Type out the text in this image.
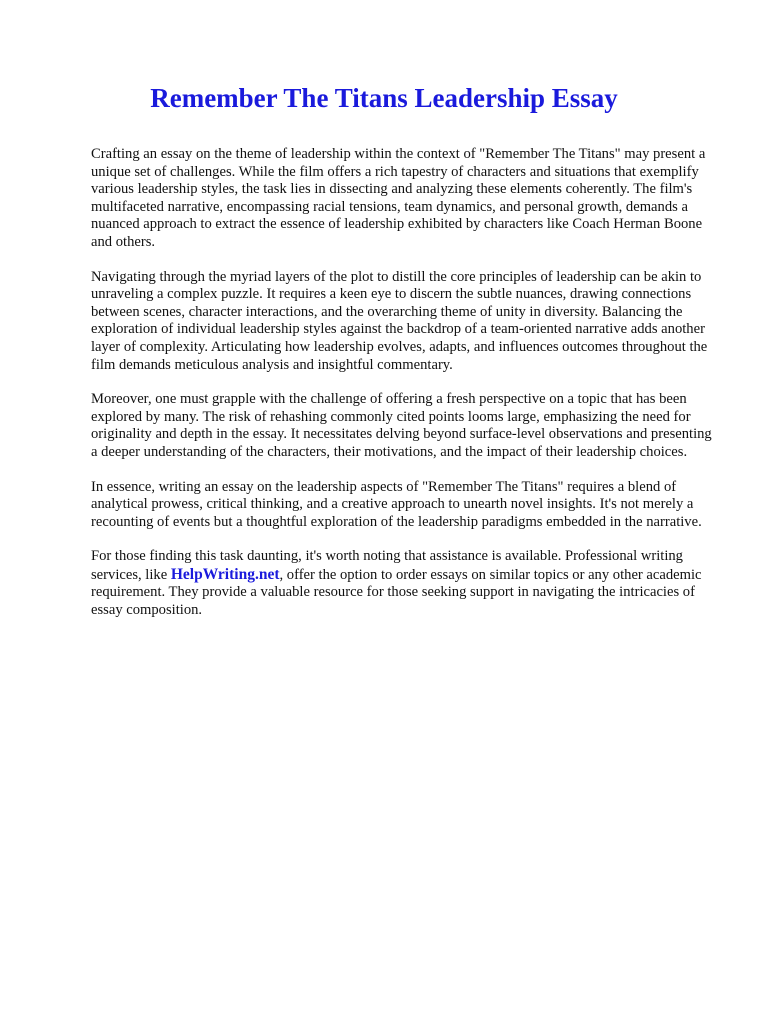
Remember The Titans Leadership Essay

Crafting an essay on the theme of leadership within the context of "Remember The Titans" may present a unique set of challenges. While the film offers a rich tapestry of characters and situations that exemplify various leadership styles, the task lies in dissecting and analyzing these elements coherently. The film's multifaceted narrative, encompassing racial tensions, team dynamics, and personal growth, demands a nuanced approach to extract the essence of leadership exhibited by characters like Coach Herman Boone and others.

Navigating through the myriad layers of the plot to distill the core principles of leadership can be akin to unraveling a complex puzzle. It requires a keen eye to discern the subtle nuances, drawing connections between scenes, character interactions, and the overarching theme of unity in diversity. Balancing the exploration of individual leadership styles against the backdrop of a team-oriented narrative adds another layer of complexity. Articulating how leadership evolves, adapts, and influences outcomes throughout the film demands meticulous analysis and insightful commentary.

Moreover, one must grapple with the challenge of offering a fresh perspective on a topic that has been explored by many. The risk of rehashing commonly cited points looms large, emphasizing the need for originality and depth in the essay. It necessitates delving beyond surface-level observations and presenting a deeper understanding of the characters, their motivations, and the impact of their leadership choices.

In essence, writing an essay on the leadership aspects of "Remember The Titans" requires a blend of analytical prowess, critical thinking, and a creative approach to unearth novel insights. It's not merely a recounting of events but a thoughtful exploration of the leadership paradigms embedded in the narrative.

For those finding this task daunting, it's worth noting that assistance is available. Professional writing services, like HelpWriting.net, offer the option to order essays on similar topics or any other academic requirement. They provide a valuable resource for those seeking support in navigating the intricacies of essay composition.
